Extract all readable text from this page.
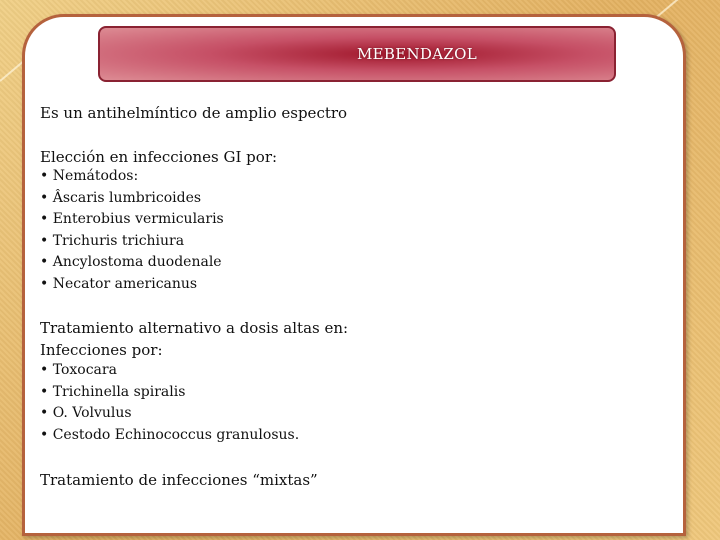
MEBENDAZOL
Es un antihelmíntico de amplio espectro
Elección en infecciones GI por:
• Nemátodos:
• Âscaris lumbricoides
• Enterobius vermicularis
• Trichuris trichiura
• Ancylostoma duodenale
• Necator americanus
Tratamiento alternativo a dosis altas en:
Infecciones por:
• Toxocara
• Trichinella spiralis
• O. Volvulus
• Cestodo Echinococcus granulosus.
Tratamiento de infecciones “mixtas”
